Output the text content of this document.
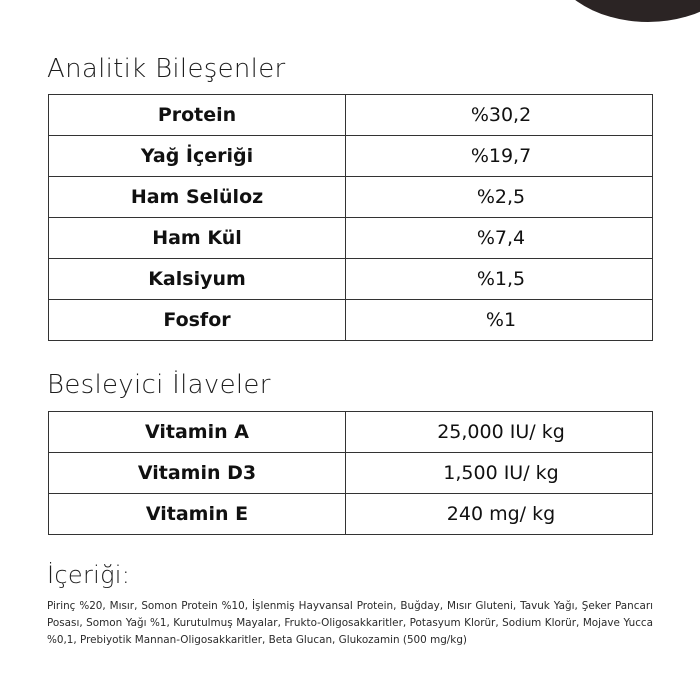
Analitik Bileşenler
Protein	%30,2
Yağ İçeriği	%19,7
Ham Selüloz	%2,5
Ham Kül	%7,4
Kalsiyum	%1,5
Fosfor	%1
Besleyici İlaveler
Vitamin A	25,000 IU/ kg
Vitamin D3	1,500 IU/ kg
Vitamin E	240 mg/ kg
İçeriği:

Pirinç %20, Mısır, Somon Protein %10, İşlenmiş Hayvansal Protein, Buğday, Mısır Gluteni, Tavuk Yağı, Şeker Pancarı Posası, Somon Yağı %1, Kurutulmuş Mayalar, Frukto-Oligosakkaritler, Potasyum Klorür, Sodium Klorür, Mojave Yucca %0,1, Prebiyotik Mannan-Oligosakkaritler, Beta Glucan, Glukozamin (500 mg/kg)
